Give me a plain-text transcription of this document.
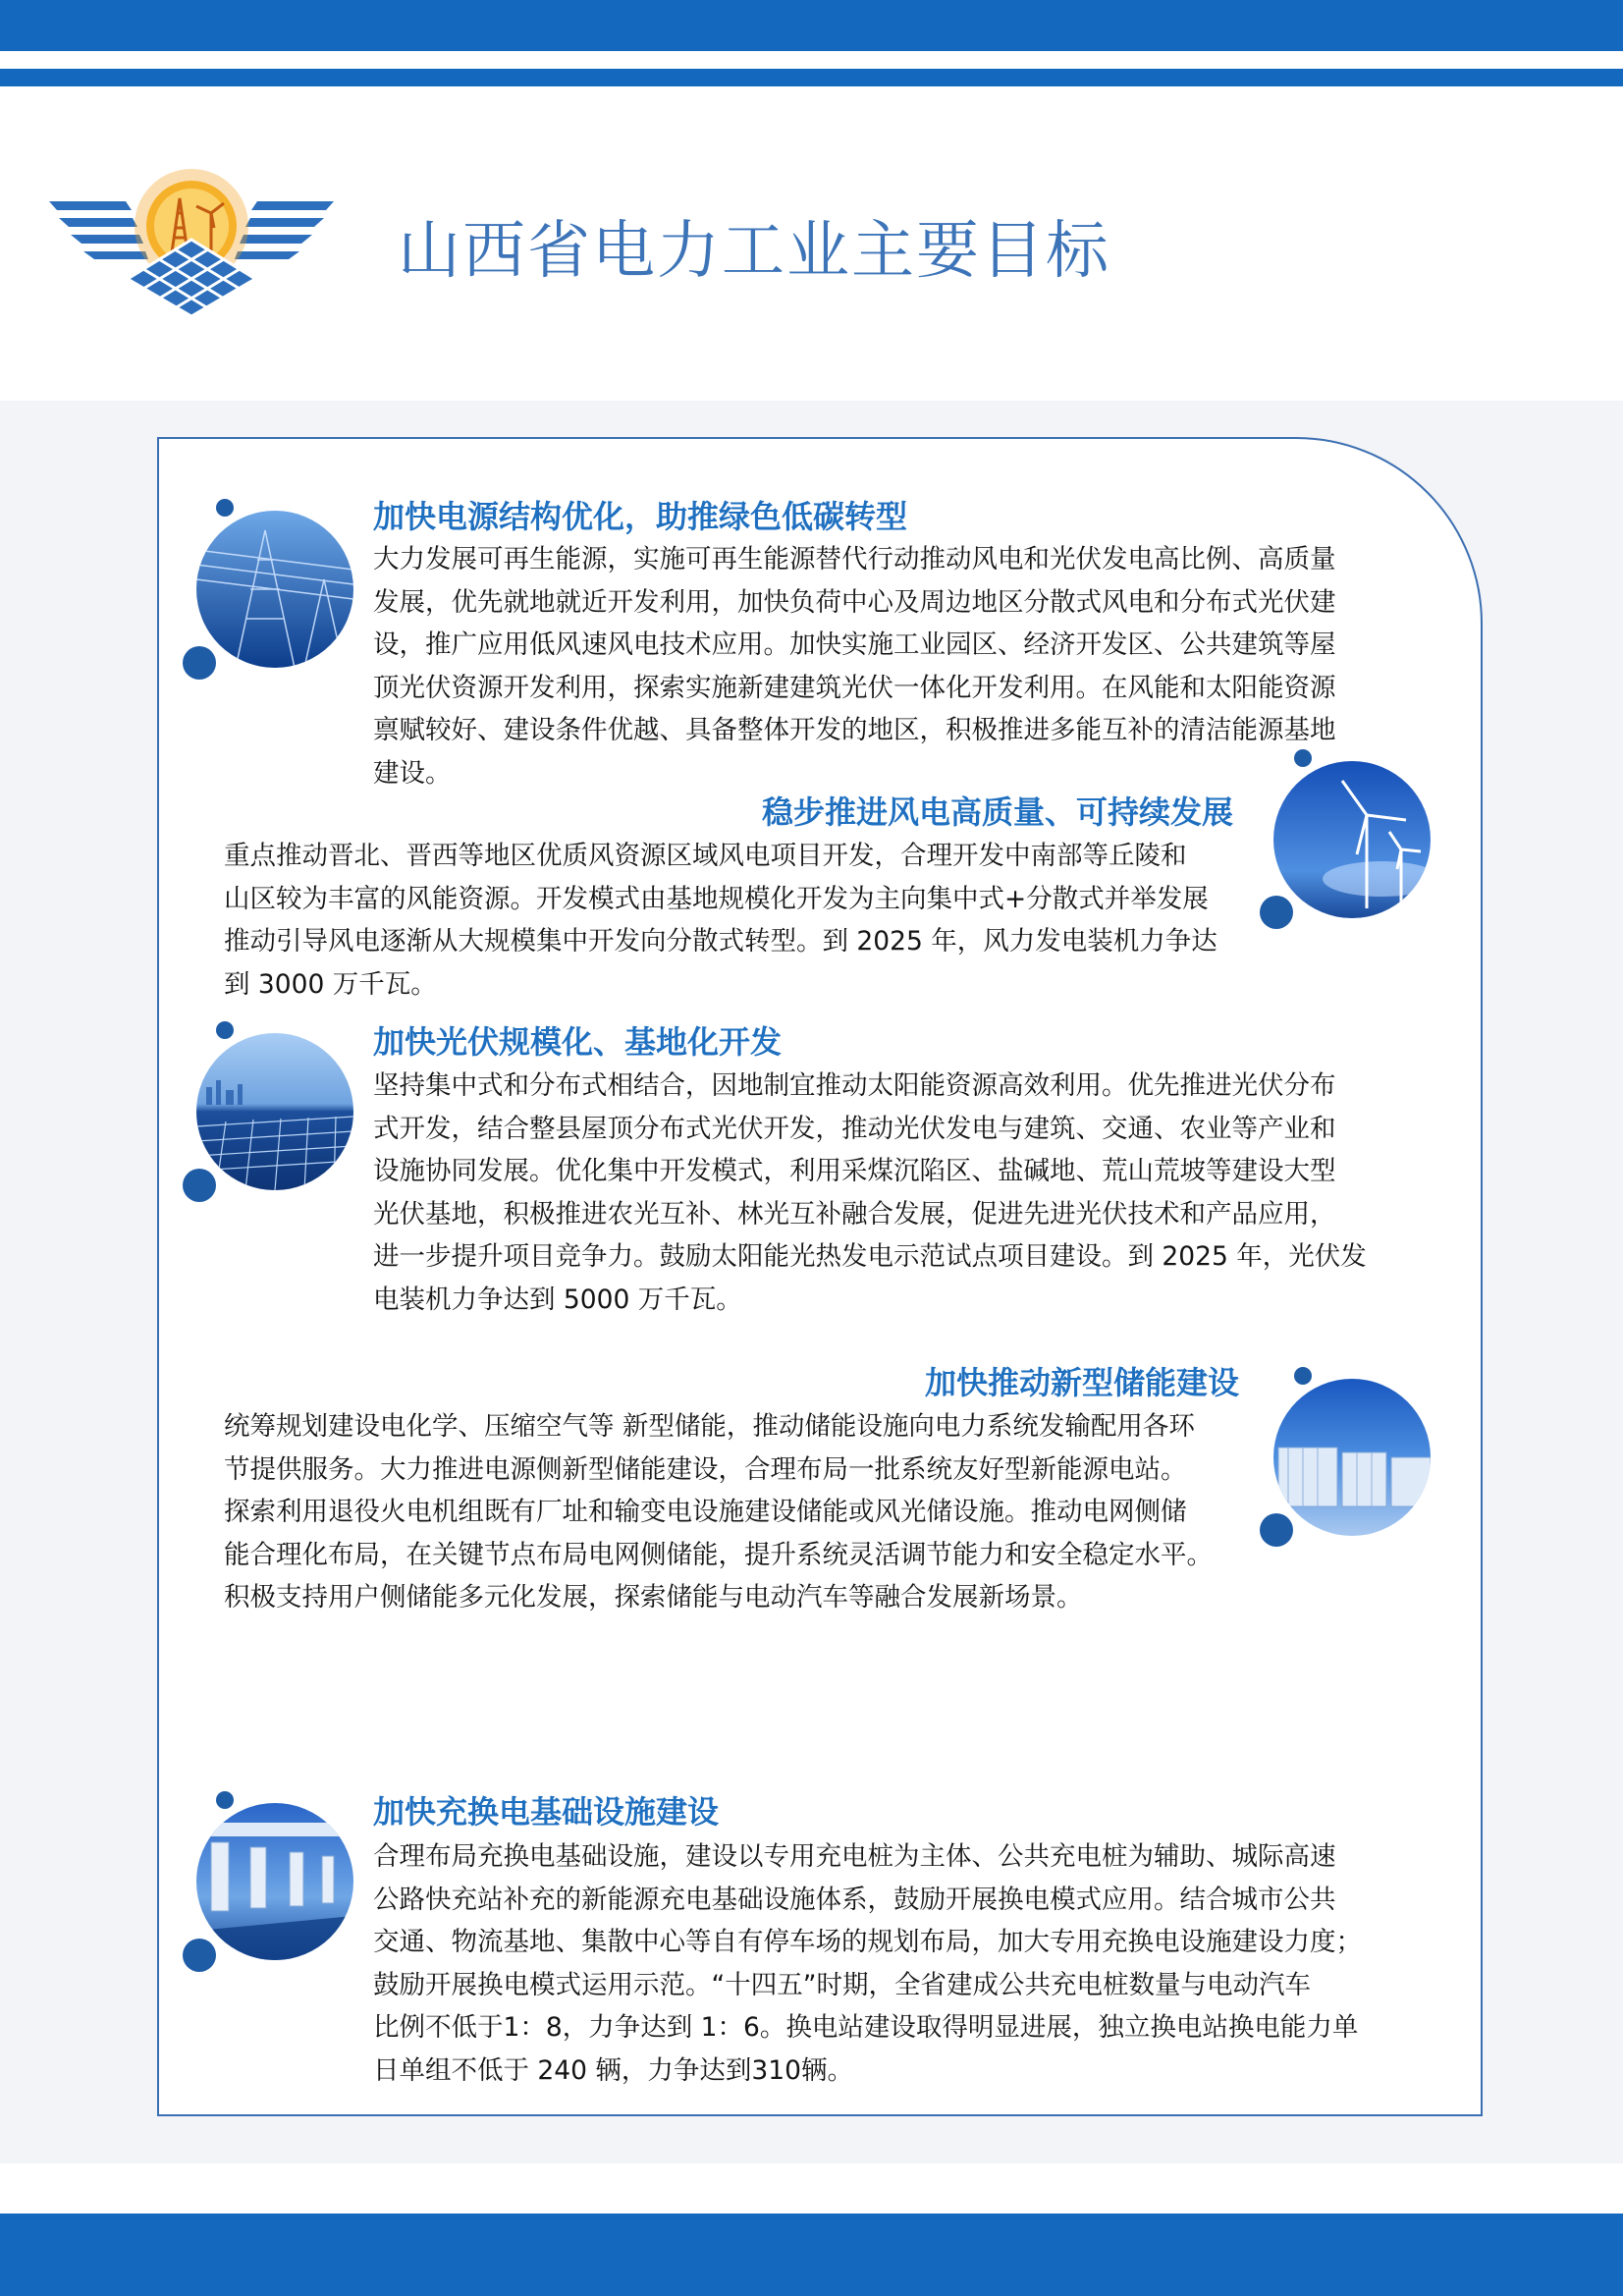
山西省电力工业主要目标
加快电源结构优化，助推绿色低碳转型
大力发展可再生能源，实施可再生能源替代行动推动风电和光伏发电高比例、高质量
发展，优先就地就近开发利用，加快负荷中心及周边地区分散式风电和分布式光伏建
设，推广应用低风速风电技术应用。加快实施工业园区、经济开发区、公共建筑等屋
顶光伏资源开发利用，探索实施新建建筑光伏一体化开发利用。在风能和太阳能资源
禀赋较好、建设条件优越、具备整体开发的地区，积极推进多能互补的清洁能源基地
建设。
稳步推进风电高质量、可持续发展
重点推动晋北、晋西等地区优质风资源区域风电项目开发，合理开发中南部等丘陵和
山区较为丰富的风能资源。开发模式由基地规模化开发为主向集中式+分散式并举发展
推动引导风电逐渐从大规模集中开发向分散式转型。到 2025 年，风力发电装机力争达
到 3000 万千瓦。
加快光伏规模化、基地化开发
坚持集中式和分布式相结合，因地制宜推动太阳能资源高效利用。优先推进光伏分布
式开发，结合整县屋顶分布式光伏开发，推动光伏发电与建筑、交通、农业等产业和
设施协同发展。优化集中开发模式，利用采煤沉陷区、盐碱地、荒山荒坡等建设大型
光伏基地，积极推进农光互补、林光互补融合发展，促进先进光伏技术和产品应用，
进一步提升项目竞争力。鼓励太阳能光热发电示范试点项目建设。到 2025 年，光伏发
电装机力争达到 5000 万千瓦。
加快推动新型储能建设
统筹规划建设电化学、压缩空气等 新型储能，推动储能设施向电力系统发输配用各环
节提供服务。大力推进电源侧新型储能建设，合理布局一批系统友好型新能源电站。
探索利用退役火电机组既有厂址和输变电设施建设储能或风光储设施。推动电网侧储
能合理化布局，在关键节点布局电网侧储能，提升系统灵活调节能力和安全稳定水平。
积极支持用户侧储能多元化发展，探索储能与电动汽车等融合发展新场景。
加快充换电基础设施建设
合理布局充换电基础设施，建设以专用充电桩为主体、公共充电桩为辅助、城际高速
公路快充站补充的新能源充电基础设施体系，鼓励开展换电模式应用。结合城市公共
交通、物流基地、集散中心等自有停车场的规划布局，加大专用充换电设施建设力度；
鼓励开展换电模式运用示范。“十四五”时期，全省建成公共充电桩数量与电动汽车
比例不低于1：8，力争达到 1：6。换电站建设取得明显进展，独立换电站换电能力单
日单组不低于 240 辆，力争达到310辆。
